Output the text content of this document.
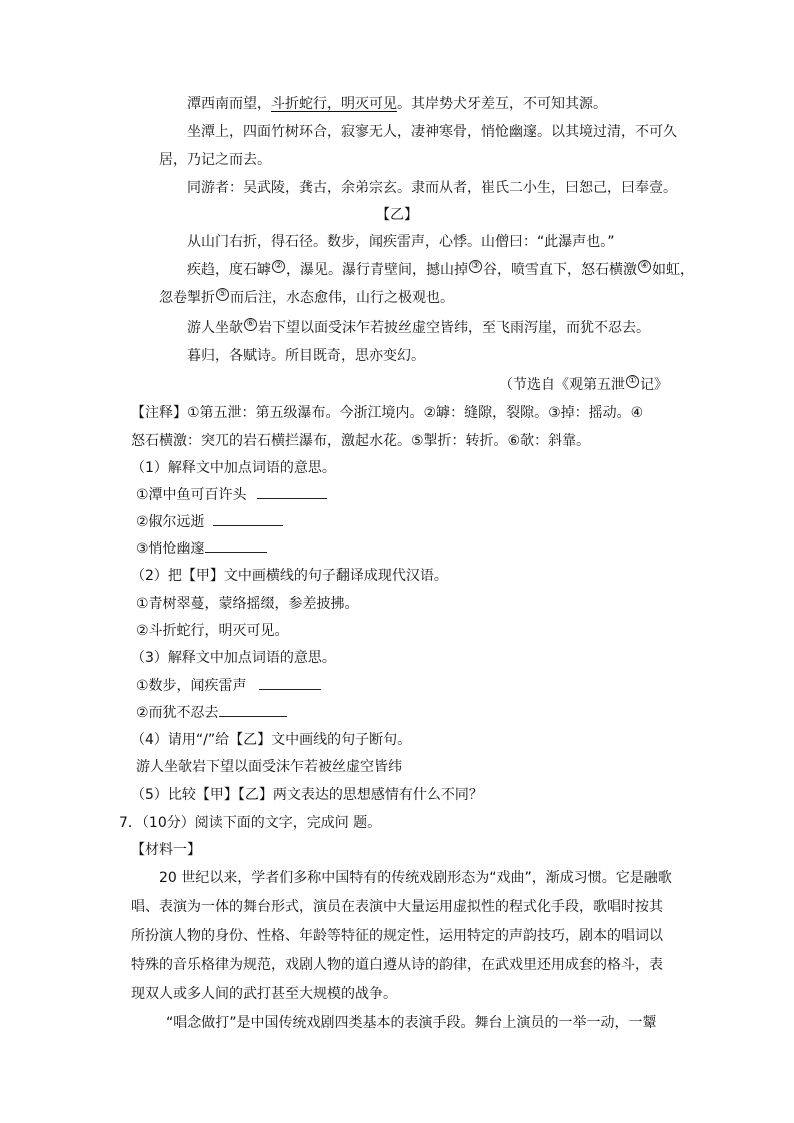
潭西南而望，斗折蛇行，明灭可见。其岸势犬牙差互，不可知其源。
坐潭上，四面竹树环合，寂寥无人，凄神寒骨，悄怆幽邃。以其境过清，不可久
居，乃记之而去。
同游者：吴武陵，龚古，余弟宗玄。隶而从者，崔氏二小生，曰恕己，曰奉壹。
【乙】
从山门右折，得石径。数步，闻疾雷声，心悸。山僧曰：“此瀑声也。”
疾趋，度石罅 ② ，瀑见。瀑行青壁间，撼山掉 ③ 谷，喷雪直下，怒石横激 ④ 如虹，
忽卷掣折 ⑤ 而后注，水态愈伟，山行之极观也。
游人坐欹 ⑥ 岩下望以面受沫乍若披丝虚空皆纬，至飞雨泻崖，而犹不忍去。
暮归，各赋诗。所目既奇，思亦变幻。
（节选自《观第五泄 ① 记》
【注释】①第五泄：第五级瀑布。今浙江境内。②罅：缝隙，裂隙。③掉：摇动。④
怒石横激：突兀的岩石横拦瀑布，激起水花。⑤掣折：转折。⑥欹：斜靠。
（1）解释文中加点词语的意思。
①潭中鱼可百许头
②俶尔远逝
③悄怆幽邃
（2）把【甲】文中画横线的句子翻译成现代汉语。
①青树翠蔓，蒙络摇缀，参差披拂。
②斗折蛇行，明灭可见。
（3）解释文中加点词语的意思。
①数步，闻疾雷声
②而犹不忍去
（4）请用“/”给【乙】文中画线的句子断句。
游人坐欹岩下望以面受沫乍若被丝虚空皆纬
（5）比较【甲】【乙】两文表达的思想感情有什么不同？
7．（10分）阅读下面的文字，完成问 题。
【材料一】
20 世纪以来，学者们多称中国特有的传统戏剧形态为“戏曲”，渐成习惯。它是融歌
唱、表演为一体的舞台形式，演员在表演中大量运用虚拟性的程式化手段，歌唱时按其
所扮演人物的身份、性格、年龄等特征的规定性，运用特定的声韵技巧，剧本的唱词以
特殊的音乐格律为规范，戏剧人物的道白遵从诗的韵律，在武戏里还用成套的格斗，表
现双人或多人间的武打甚至大规模的战争。
“唱念做打”是中国传统戏剧四类基本的表演手段。舞台上演员的一举一动，一颦
